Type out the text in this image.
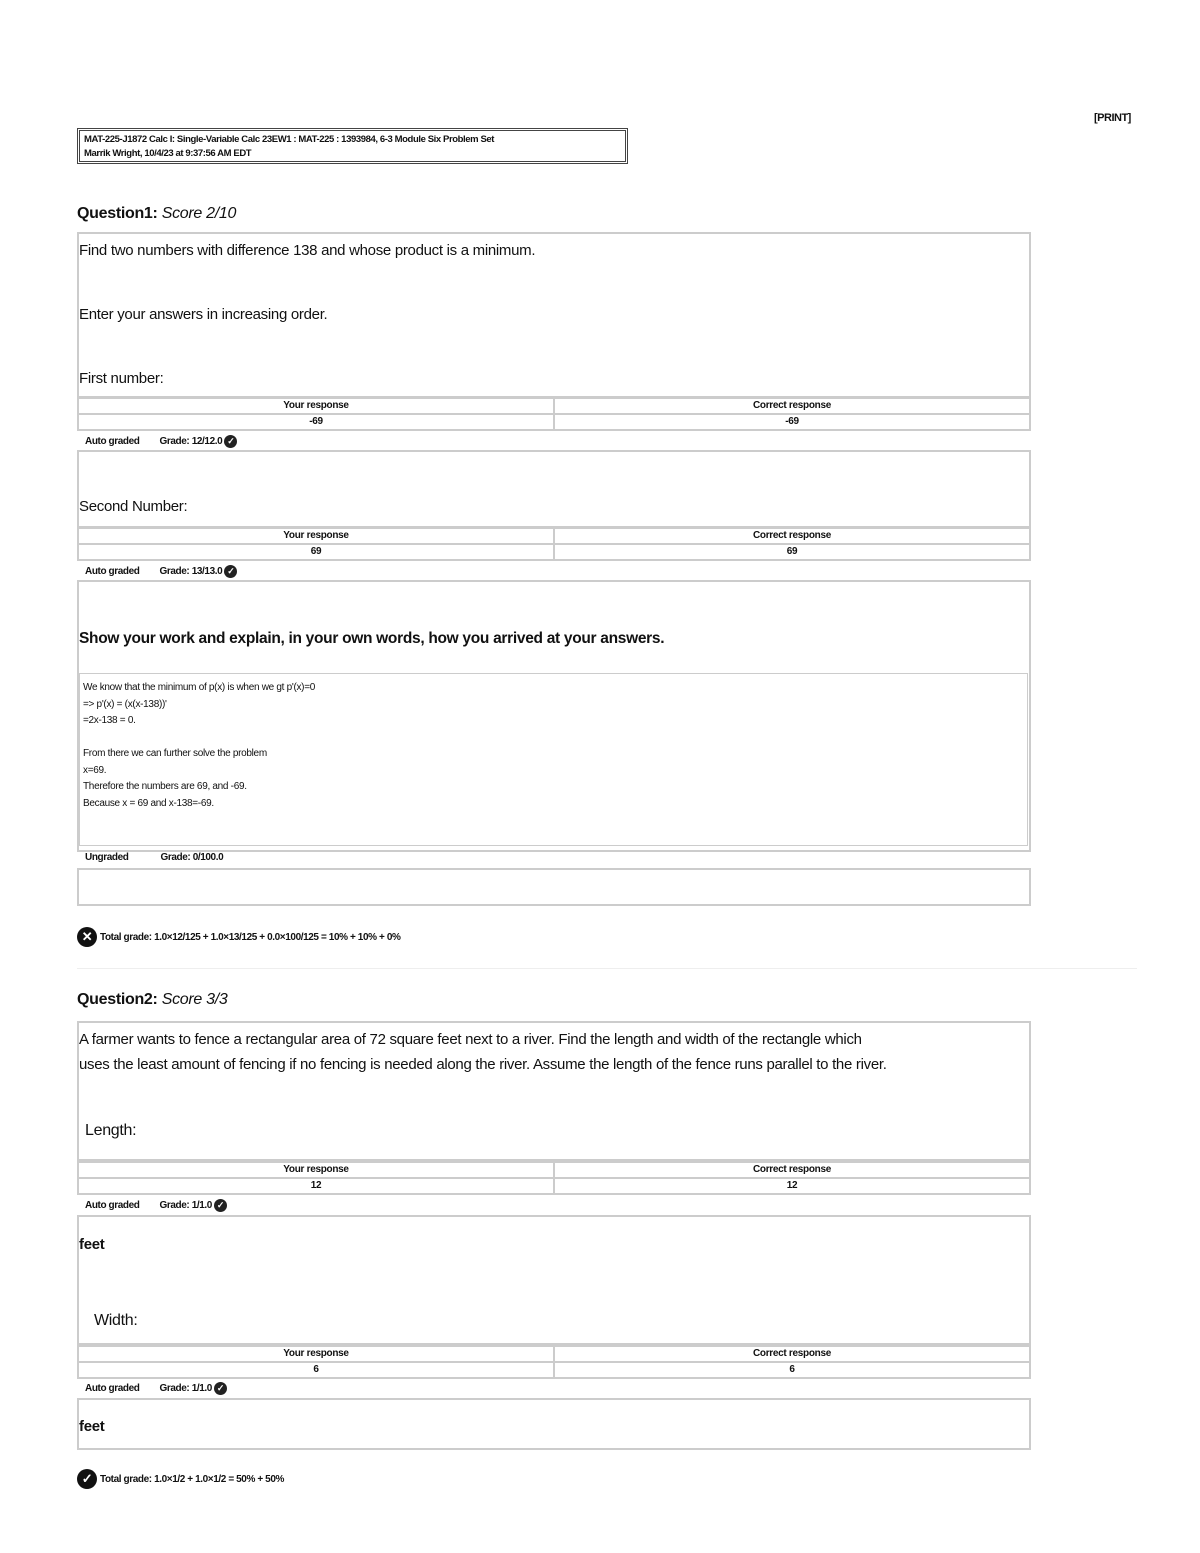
[PRINT]
MAT-225-J1872 Calc I: Single-Variable Calc 23EW1 : MAT-225 : 1393984, 6-3 Module Six Problem Set
Marrik Wright, 10/4/23 at 9:37:56 AM EDT
Question1: Score 2/10
Find two numbers with difference 138 and whose product is a minimum.
Enter your answers in increasing order.
First number:
Your response	Correct response
-69	-69
Auto graded Grade: 12/12.0 ✓
Second Number:
Your response	Correct response
69	69
Auto graded Grade: 13/13.0 ✓
Show your work and explain, in your own words, how you arrived at your answers.
We know that the minimum of p(x) is when we gt p'(x)=0
=> p'(x) = (x(x-138))'
=2x-138 = 0.
From there we can further solve the problem
x=69.
Therefore the numbers are 69, and -69.
Because x = 69 and x-138=-69.
Ungraded	Grade: 0/100.0
✕ Total grade: 1.0×12/125 + 1.0×13/125 + 0.0×100/125 = 10% + 10% + 0%
Question2: Score 3/3
A farmer wants to fence a rectangular area of 72 square feet next to a river. Find the length and width of the rectangle which
uses the least amount of fencing if no fencing is needed along the river. Assume the length of the fence runs parallel to the river.
Length:
Your response	Correct response
12	12
Auto graded Grade: 1/1.0 ✓
feet
Width:
Your response	Correct response
6	6
Auto graded Grade: 1/1.0 ✓
feet
✓ Total grade: 1.0×1/2 + 1.0×1/2 = 50% + 50%
